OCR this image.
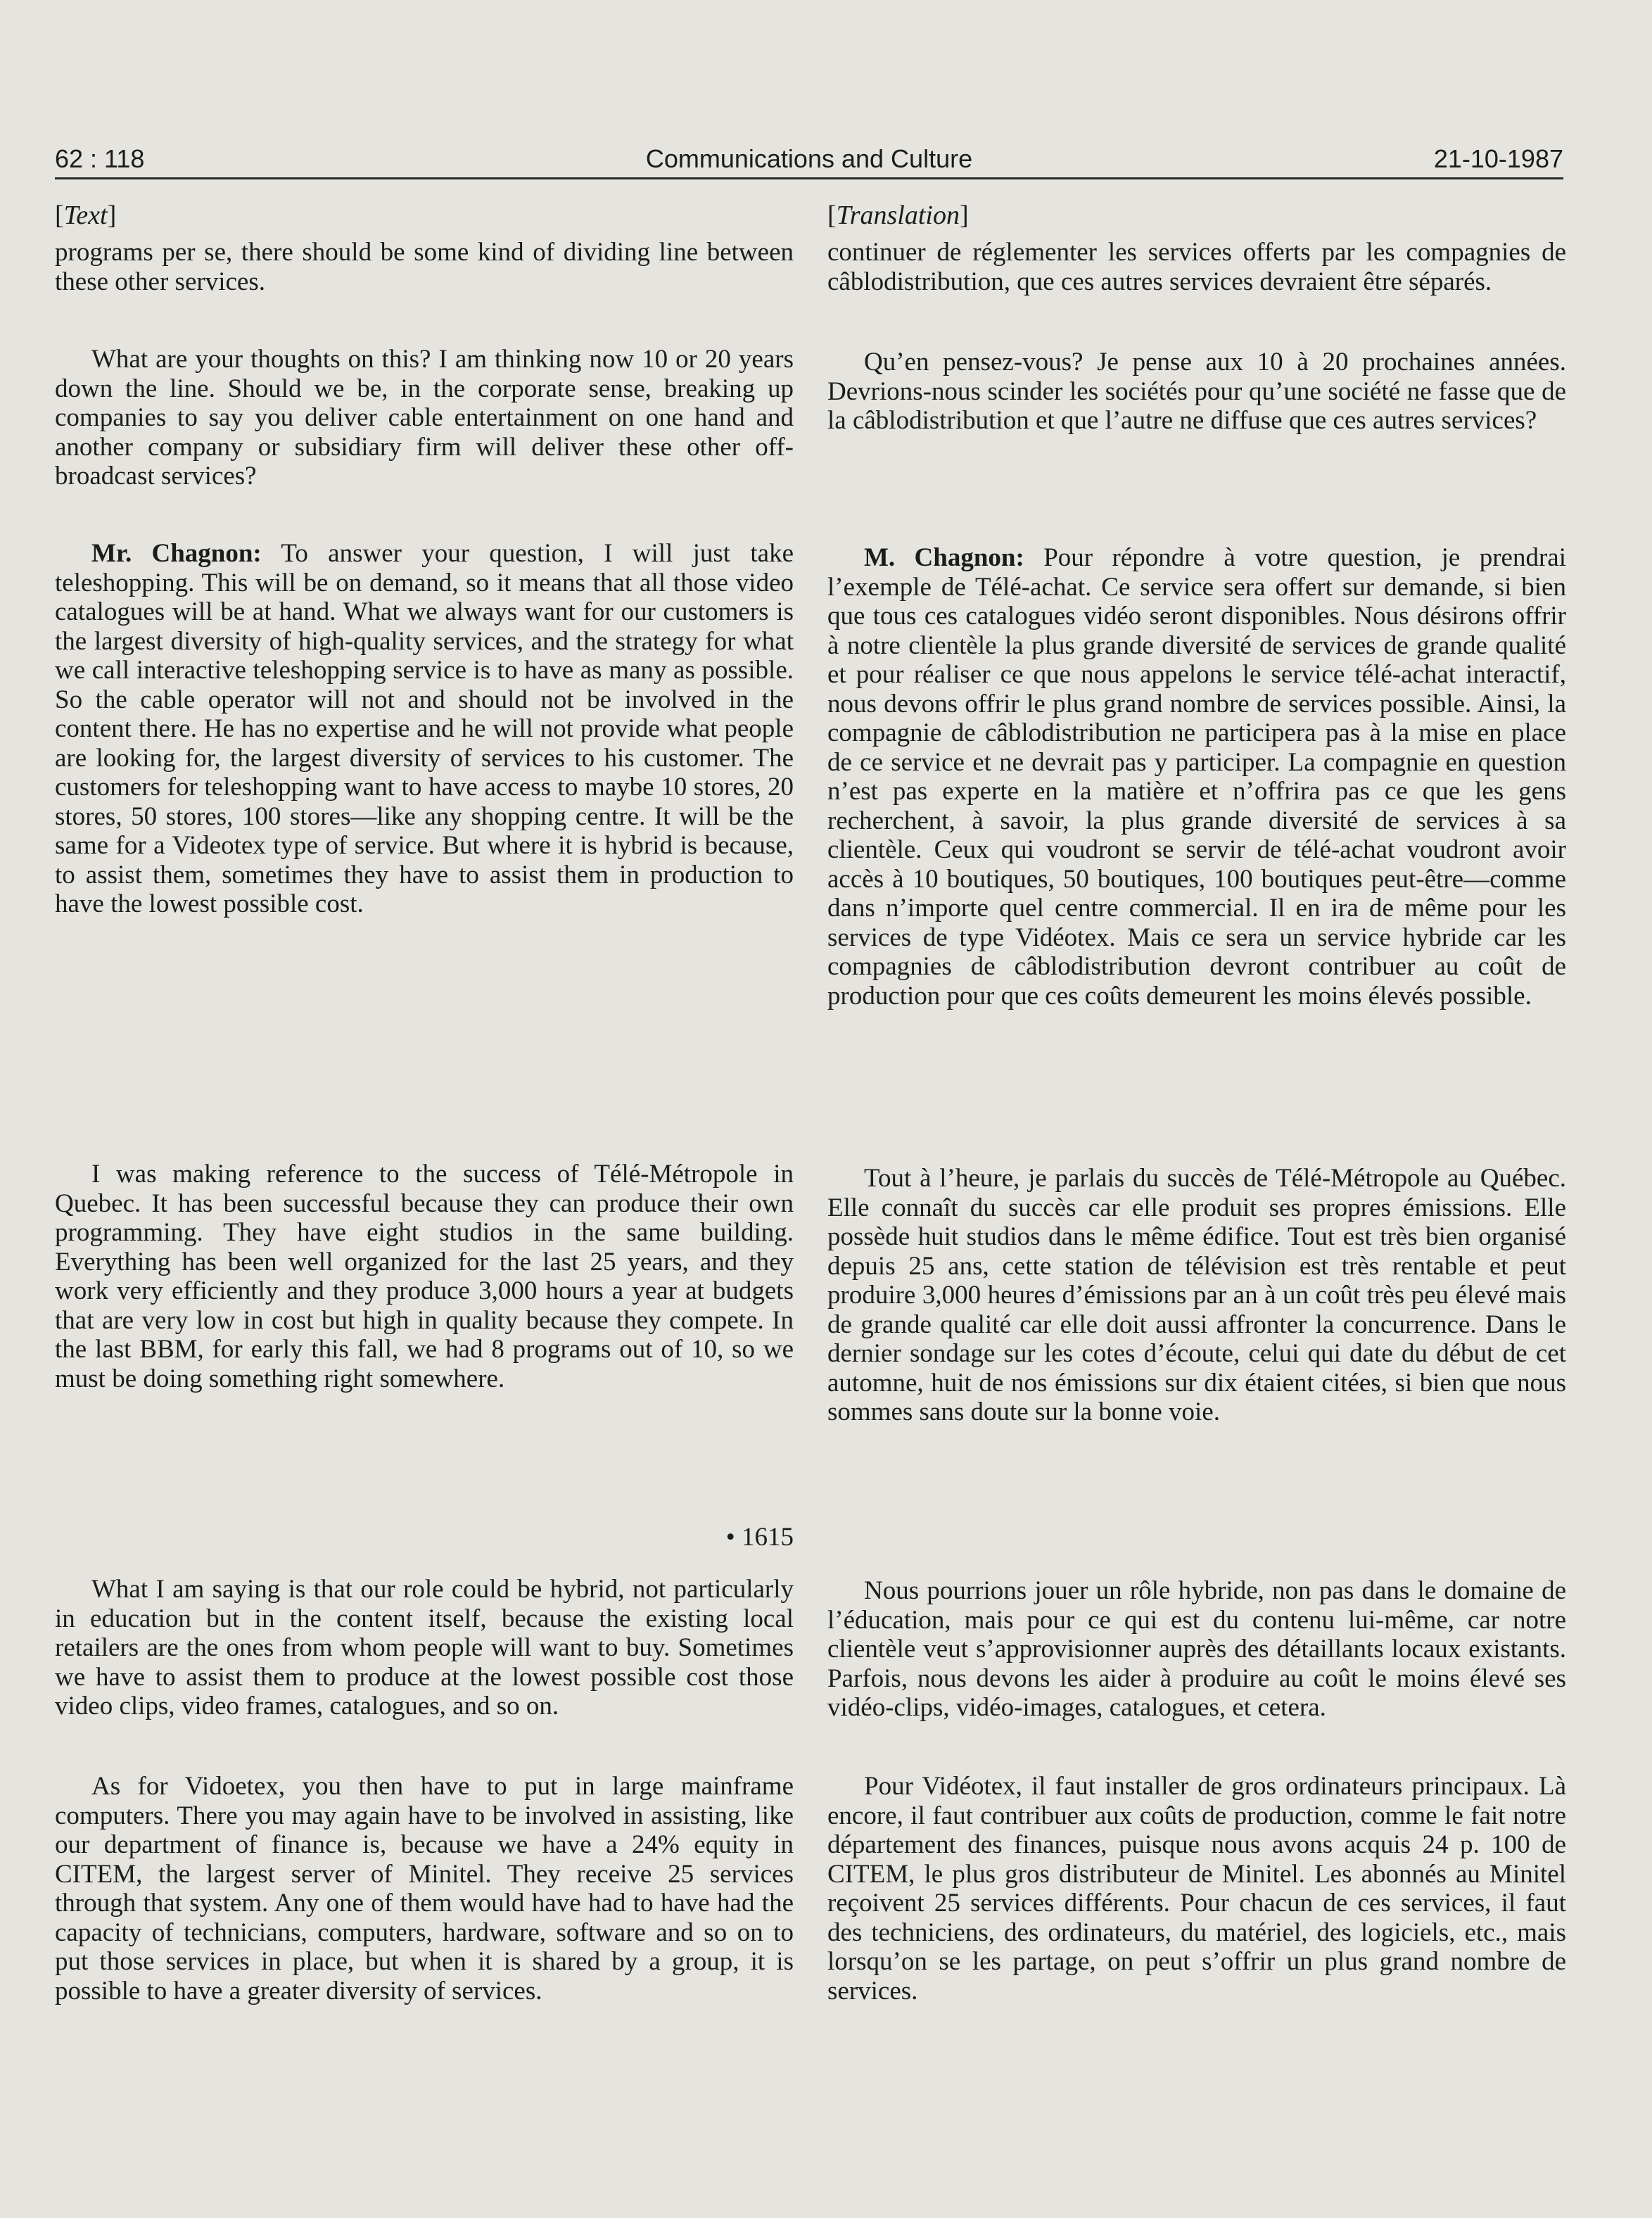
62 : 118	Communications and Culture	21-10-1987
[Text]
programs per se, there should be some kind of dividing line between these other services.
What are your thoughts on this? I am thinking now 10 or 20 years down the line. Should we be, in the corporate sense, breaking up companies to say you deliver cable entertainment on one hand and another company or subsidiary firm will deliver these other off-broadcast services?
Mr. Chagnon: To answer your question, I will just take teleshopping. This will be on demand, so it means that all those video catalogues will be at hand. What we always want for our customers is the largest diversity of high-quality services, and the strategy for what we call interactive teleshopping service is to have as many as possible. So the cable operator will not and should not be involved in the content there. He has no expertise and he will not provide what people are looking for, the largest diversity of services to his customer. The customers for teleshopping want to have access to maybe 10 stores, 20 stores, 50 stores, 100 stores—like any shopping centre. It will be the same for a Videotex type of service. But where it is hybrid is because, to assist them, sometimes they have to assist them in production to have the lowest possible cost.
I was making reference to the success of Télé-Métropole in Quebec. It has been successful because they can produce their own programming. They have eight studios in the same building. Everything has been well organized for the last 25 years, and they work very efficiently and they produce 3,000 hours a year at budgets that are very low in cost but high in quality because they compete. In the last BBM, for early this fall, we had 8 programs out of 10, so we must be doing something right somewhere.
• 1615
What I am saying is that our role could be hybrid, not particularly in education but in the content itself, because the existing local retailers are the ones from whom people will want to buy. Sometimes we have to assist them to produce at the lowest possible cost those video clips, video frames, catalogues, and so on.
As for Vidoetex, you then have to put in large mainframe computers. There you may again have to be involved in assisting, like our department of finance is, because we have a 24% equity in CITEM, the largest server of Minitel. They receive 25 services through that system. Any one of them would have had to have had the capacity of technicians, computers, hardware, software and so on to put those services in place, but when it is shared by a group, it is possible to have a greater diversity of services.
[Translation]
continuer de réglementer les services offerts par les compagnies de câblodistribution, que ces autres services devraient être séparés.
Qu’en pensez-vous? Je pense aux 10 à 20 prochaines années. Devrions-nous scinder les sociétés pour qu’une société ne fasse que de la câblodistribution et que l’autre ne diffuse que ces autres services?
M. Chagnon: Pour répondre à votre question, je prendrai l’exemple de Télé-achat. Ce service sera offert sur demande, si bien que tous ces catalogues vidéo seront disponibles. Nous désirons offrir à notre clientèle la plus grande diversité de services de grande qualité et pour réaliser ce que nous appelons le service télé-achat interactif, nous devons offrir le plus grand nombre de services possible. Ainsi, la compagnie de câblodistribution ne participera pas à la mise en place de ce service et ne devrait pas y participer. La compagnie en question n’est pas experte en la matière et n’offrira pas ce que les gens recherchent, à savoir, la plus grande diversité de services à sa clientèle. Ceux qui voudront se servir de télé-achat voudront avoir accès à 10 boutiques, 50 boutiques, 100 boutiques peut-être—comme dans n’importe quel centre commercial. Il en ira de même pour les services de type Vidéotex. Mais ce sera un service hybride car les compagnies de câblodistribution devront contribuer au coût de production pour que ces coûts demeurent les moins élevés possible.
Tout à l’heure, je parlais du succès de Télé-Métropole au Québec. Elle connaît du succès car elle produit ses propres émissions. Elle possède huit studios dans le même édifice. Tout est très bien organisé depuis 25 ans, cette station de télévision est très rentable et peut produire 3,000 heures d’émissions par an à un coût très peu élevé mais de grande qualité car elle doit aussi affronter la concurrence. Dans le dernier sondage sur les cotes d’écoute, celui qui date du début de cet automne, huit de nos émissions sur dix étaient citées, si bien que nous sommes sans doute sur la bonne voie.
Nous pourrions jouer un rôle hybride, non pas dans le domaine de l’éducation, mais pour ce qui est du contenu lui-même, car notre clientèle veut s’approvisionner auprès des détaillants locaux existants. Parfois, nous devons les aider à produire au coût le moins élevé ses vidéo-clips, vidéo-images, catalogues, et cetera.
Pour Vidéotex, il faut installer de gros ordinateurs principaux. Là encore, il faut contribuer aux coûts de production, comme le fait notre département des finances, puisque nous avons acquis 24 p. 100 de CITEM, le plus gros distributeur de Minitel. Les abonnés au Minitel reçoivent 25 services différents. Pour chacun de ces services, il faut des techniciens, des ordinateurs, du matériel, des logiciels, etc., mais lorsqu’on se les partage, on peut s’offrir un plus grand nombre de services.
